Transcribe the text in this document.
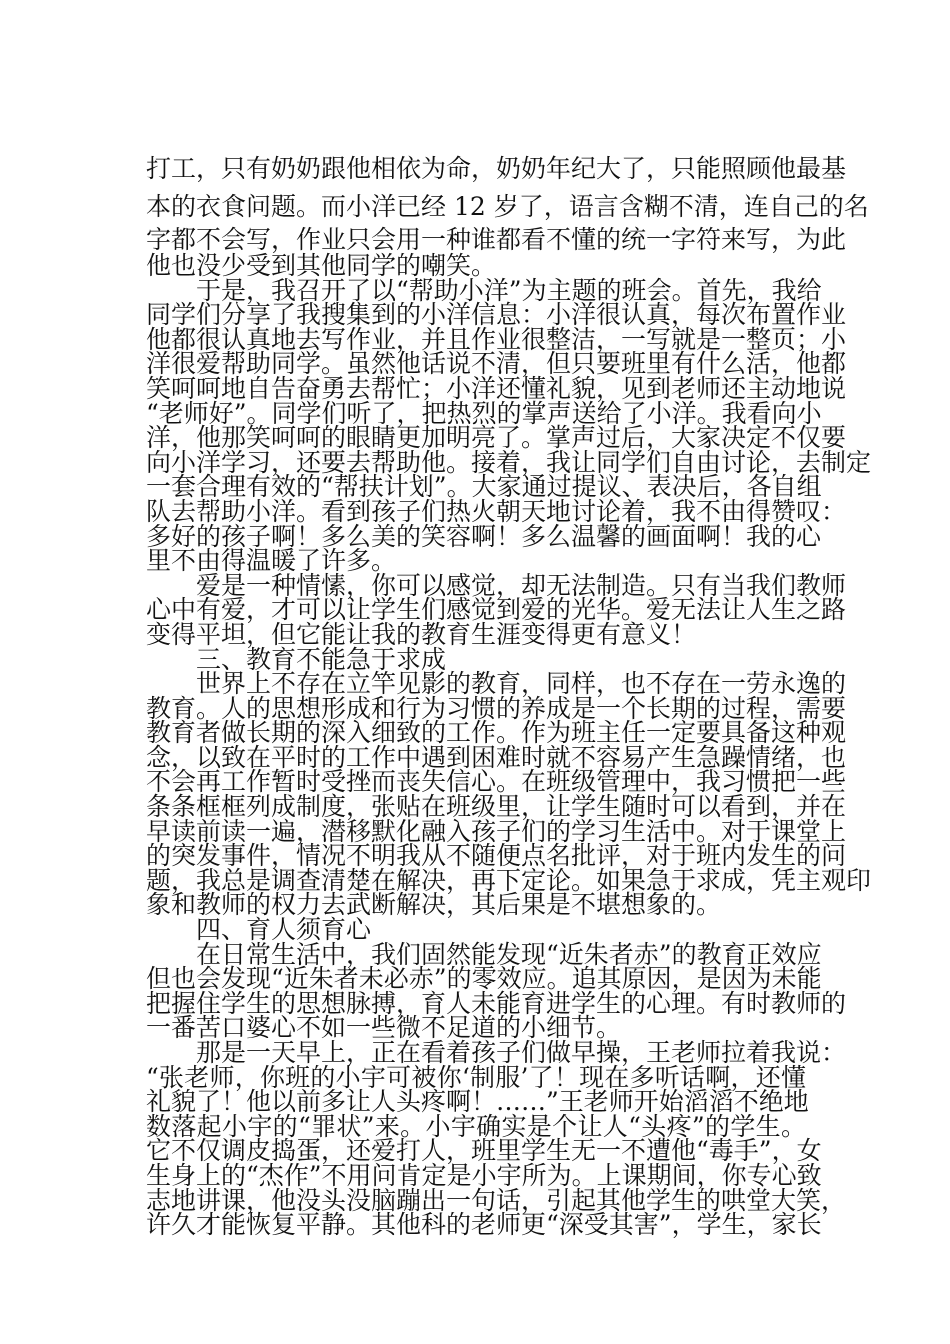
打工，只有奶奶跟他相依为命，奶奶年纪大了，只能照顾他最基
本的衣食问题。而小洋已经 12 岁了，语言含糊不清，连自己的名
字都不会写，作业只会用一种谁都看不懂的统一字符来写，为此
他也没少受到其他同学的嘲笑。
　　于是，我召开了以“帮助小洋”为主题的班会。首先，我给
同学们分享了我搜集到的小洋信息：小洋很认真，每次布置作业
他都很认真地去写作业，并且作业很整洁，一写就是一整页；小
洋很爱帮助同学。虽然他话说不清，但只要班里有什么活，他都
笑呵呵地自告奋勇去帮忙；小洋还懂礼貌，见到老师还主动地说
“老师好”。同学们听了，把热烈的掌声送给了小洋。我看向小
洋，他那笑呵呵的眼睛更加明亮了。掌声过后，大家决定不仅要
向小洋学习，还要去帮助他。接着，我让同学们自由讨论，去制定
一套合理有效的“帮扶计划”。大家通过提议、表决后，各自组
队去帮助小洋。看到孩子们热火朝天地讨论着，我不由得赞叹：
多好的孩子啊！多么美的笑容啊！多么温馨的画面啊！我的心
里不由得温暖了许多。
　　爱是一种情愫，你可以感觉，却无法制造。只有当我们教师
心中有爱，才可以让学生们感觉到爱的光华。爱无法让人生之路
变得平坦，但它能让我的教育生涯变得更有意义！
　　三、教育不能急于求成
　　世界上不存在立竿见影的教育，同样，也不存在一劳永逸的
教育。人的思想形成和行为习惯的养成是一个长期的过程，需要
教育者做长期的深入细致的工作。作为班主任一定要具备这种观
念，以致在平时的工作中遇到困难时就不容易产生急躁情绪，也
不会再工作暂时受挫而丧失信心。在班级管理中，我习惯把一些
条条框框列成制度，张贴在班级里，让学生随时可以看到，并在
早读前读一遍，潜移默化融入孩子们的学习生活中。对于课堂上
的突发事件，情况不明我从不随便点名批评，对于班内发生的问
题，我总是调查清楚在解决，再下定论。如果急于求成，凭主观印
象和教师的权力去武断解决，其后果是不堪想象的。
　　四、育人须育心
　　在日常生活中，我们固然能发现“近朱者赤”的教育正效应
但也会发现“近朱者未必赤”的零效应。追其原因，是因为未能
把握住学生的思想脉搏，育人未能育进学生的心理。有时教师的
一番苦口婆心不如一些微不足道的小细节。
　　那是一天早上，正在看着孩子们做早操，王老师拉着我说：
“张老师，你班的小宇可被你‘制服’了！现在多听话啊，还懂
礼貌了！他以前多让人头疼啊！……”王老师开始滔滔不绝地
数落起小宇的“罪状”来。小宇确实是个让人“头疼”的学生。
它不仅调皮捣蛋，还爱打人，班里学生无一不遭他“毒手”，女
生身上的“杰作”不用问肯定是小宇所为。上课期间，你专心致
志地讲课，他没头没脑蹦出一句话，引起其他学生的哄堂大笑，
许久才能恢复平静。其他科的老师更“深受其害”，学生，家长
